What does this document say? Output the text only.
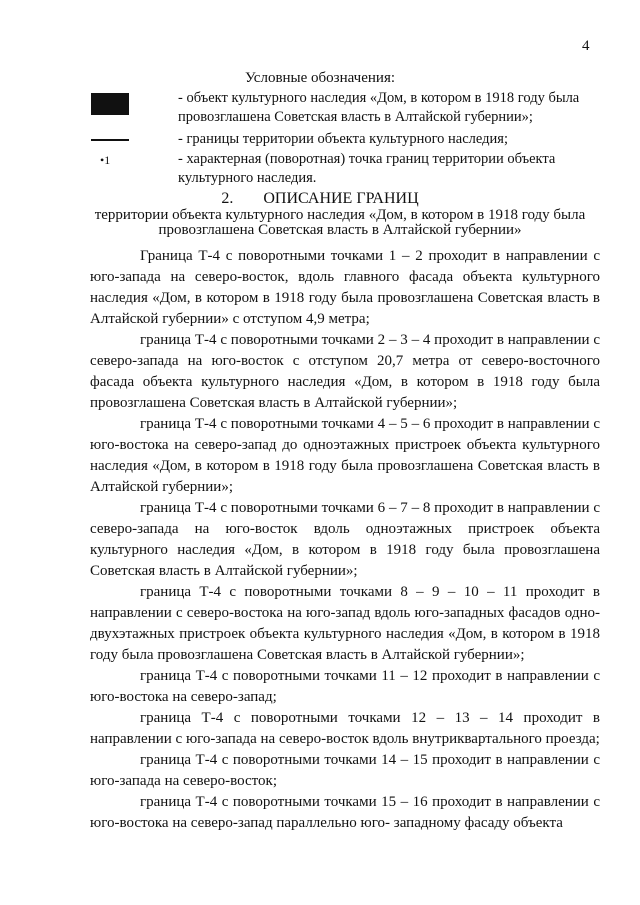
4
Условные обозначения:
- объект культурного наследия «Дом, в котором в 1918 году была провозглашена Советская власть в Алтайской губернии»;
- границы территории объекта культурного наследия;
•1	- характерная (поворотная) точка границ территории объекта культурного наследия.
2. ОПИСАНИЕ ГРАНИЦ
территории объекта культурного наследия «Дом, в котором в 1918 году была провозглашена Советская власть в Алтайской губернии»

Граница Т-4 с поворотными точками 1 – 2 проходит в направлении с юго-запада на северо-восток, вдоль главного фасада объекта культурного наследия «Дом, в котором в 1918 году была провозглашена Советская власть в Алтайской губернии» с отступом 4,9 метра;

граница Т-4 с поворотными точками 2 – 3 – 4 проходит в направлении с северо-запада на юго-восток с отступом 20,7 метра от северо-восточного фасада объекта культурного наследия «Дом, в котором в 1918 году была провозглашена Советская власть в Алтайской губернии»;

граница Т-4 с поворотными точками 4 – 5 – 6 проходит в направлении с юго-востока на северо-запад до одноэтажных пристроек объекта культурного наследия «Дом, в котором в 1918 году была провозглашена Советская власть в Алтайской губернии»;

граница Т-4 с поворотными точками 6 – 7 – 8 проходит в направлении с северо-запада на юго-восток вдоль одноэтажных пристроек объекта культурного наследия «Дом, в котором в 1918 году была провозглашена Советская власть в Алтайской губернии»;

граница Т-4 с поворотными точками 8 – 9 – 10 – 11 проходит в направлении с северо-востока на юго-запад вдоль юго-западных фасадов одно- двухэтажных пристроек объекта культурного наследия «Дом, в котором в 1918 году была провозглашена Советская власть в Алтайской губернии»;

граница Т-4 с поворотными точками 11 – 12 проходит в направлении с юго-востока на северо-запад;

граница Т-4 с поворотными точками 12 – 13 – 14 проходит в направлении с юго-запада на северо-восток вдоль внутриквартального проезда;

граница Т-4 с поворотными точками 14 – 15 проходит в направлении с юго-запада на северо-восток;

граница Т-4 с поворотными точками 15 – 16 проходит в направлении с юго-востока на северо-запад параллельно юго- западному фасаду объекта
